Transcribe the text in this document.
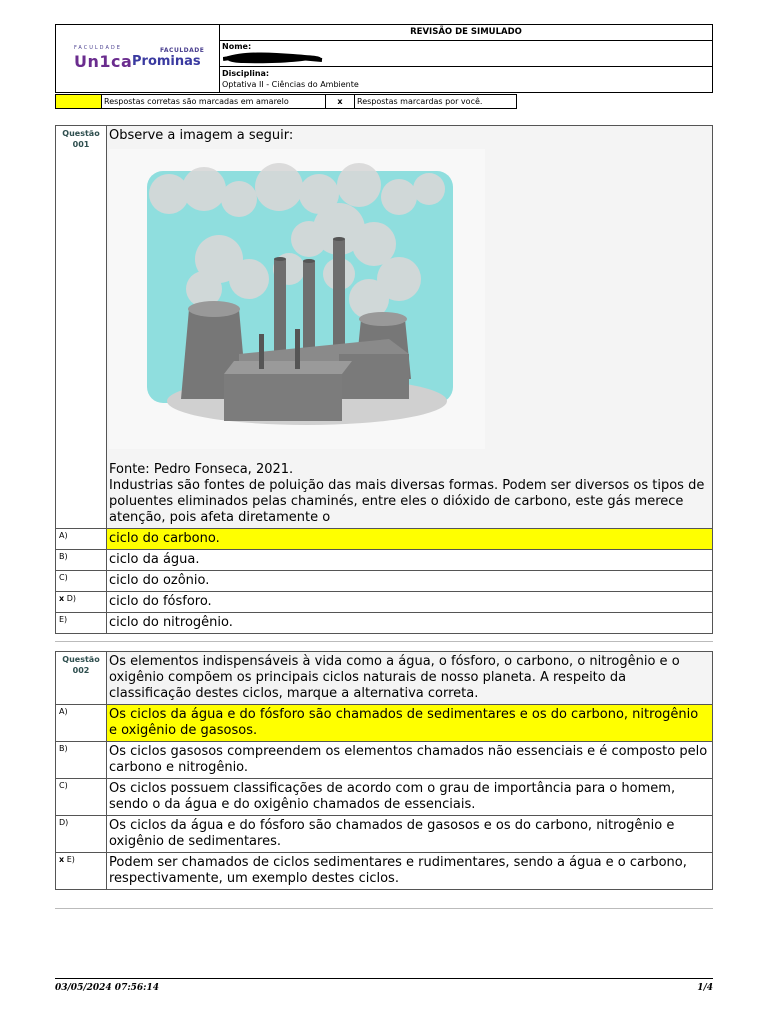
FACULDADE	FACULDADE
Un1ca Prominas
REVISÃO DE SIMULADO
Nome:
Disciplina:
Optativa II - Ciências do Ambiente
Respostas corretas são marcadas em amarelo	x	Respostas marcardas por você.
Questão
001
Observe a imagem a seguir:
Fonte: Pedro Fonseca, 2021.
Industrias são fontes de poluição das mais diversas formas. Podem ser diversos os tipos de poluentes eliminados pelas chaminés, entre eles o dióxido de carbono, este gás merece atenção, pois afeta diretamente o
A)	ciclo do carbono.
B)	ciclo da água.
C)	ciclo do ozônio.
x D)	ciclo do fósforo.
E)	ciclo do nitrogênio.
Questão
002
Os elementos indispensáveis à vida como a água, o fósforo, o carbono, o nitrogênio e o oxigênio compõem os principais ciclos naturais de nosso planeta. A respeito da classificação destes ciclos, marque a alternativa correta.
A)	Os ciclos da água e do fósforo são chamados de sedimentares e os do carbono, nitrogênio e oxigênio de gasosos.
B)	Os ciclos gasosos compreendem os elementos chamados não essenciais e é composto pelo carbono e nitrogênio.
C)	Os ciclos possuem classificações de acordo com o grau de importância para o homem, sendo o da água e do oxigênio chamados de essenciais.
D)	Os ciclos da água e do fósforo são chamados de gasosos e os do carbono, nitrogênio e oxigênio de sedimentares.
x E)	Podem ser chamados de ciclos sedimentares e rudimentares, sendo a água e o carbono, respectivamente, um exemplo destes ciclos.
03/05/2024 07:56:14	1/4
